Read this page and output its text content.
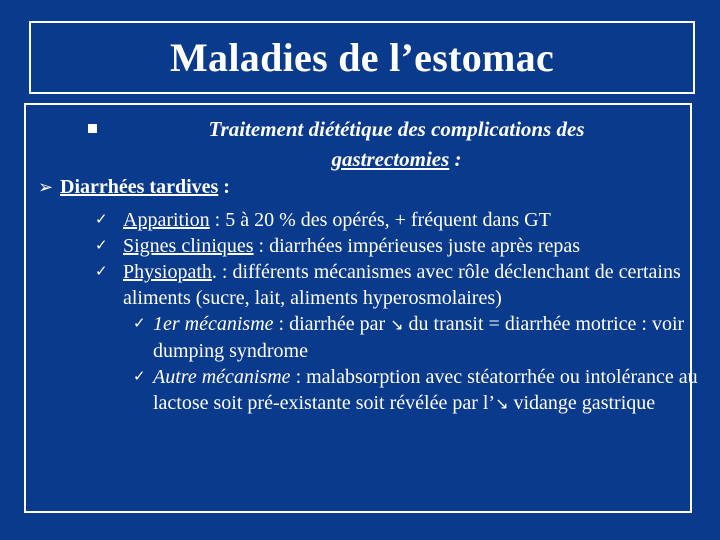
Maladies de l’estomac
Traitement diététique des complications des
gastrectomies :
➢ Diarrhées tardives :
✓ Apparition : 5 à 20 % des opérés, + fréquent dans GT
✓ Signes cliniques : diarrhées impérieuses juste après repas
✓ Physiopath. : différents mécanismes avec rôle déclenchant de certains aliments (sucre, lait, aliments hyperosmolaires)
✓ 1er mécanisme : diarrhée par ↘ du transit = diarrhée motrice : voir dumping syndrome
✓ Autre mécanisme : malabsorption avec stéatorrhée ou intolérance au lactose soit pré-existante soit révélée par l’↘ vidange gastrique
